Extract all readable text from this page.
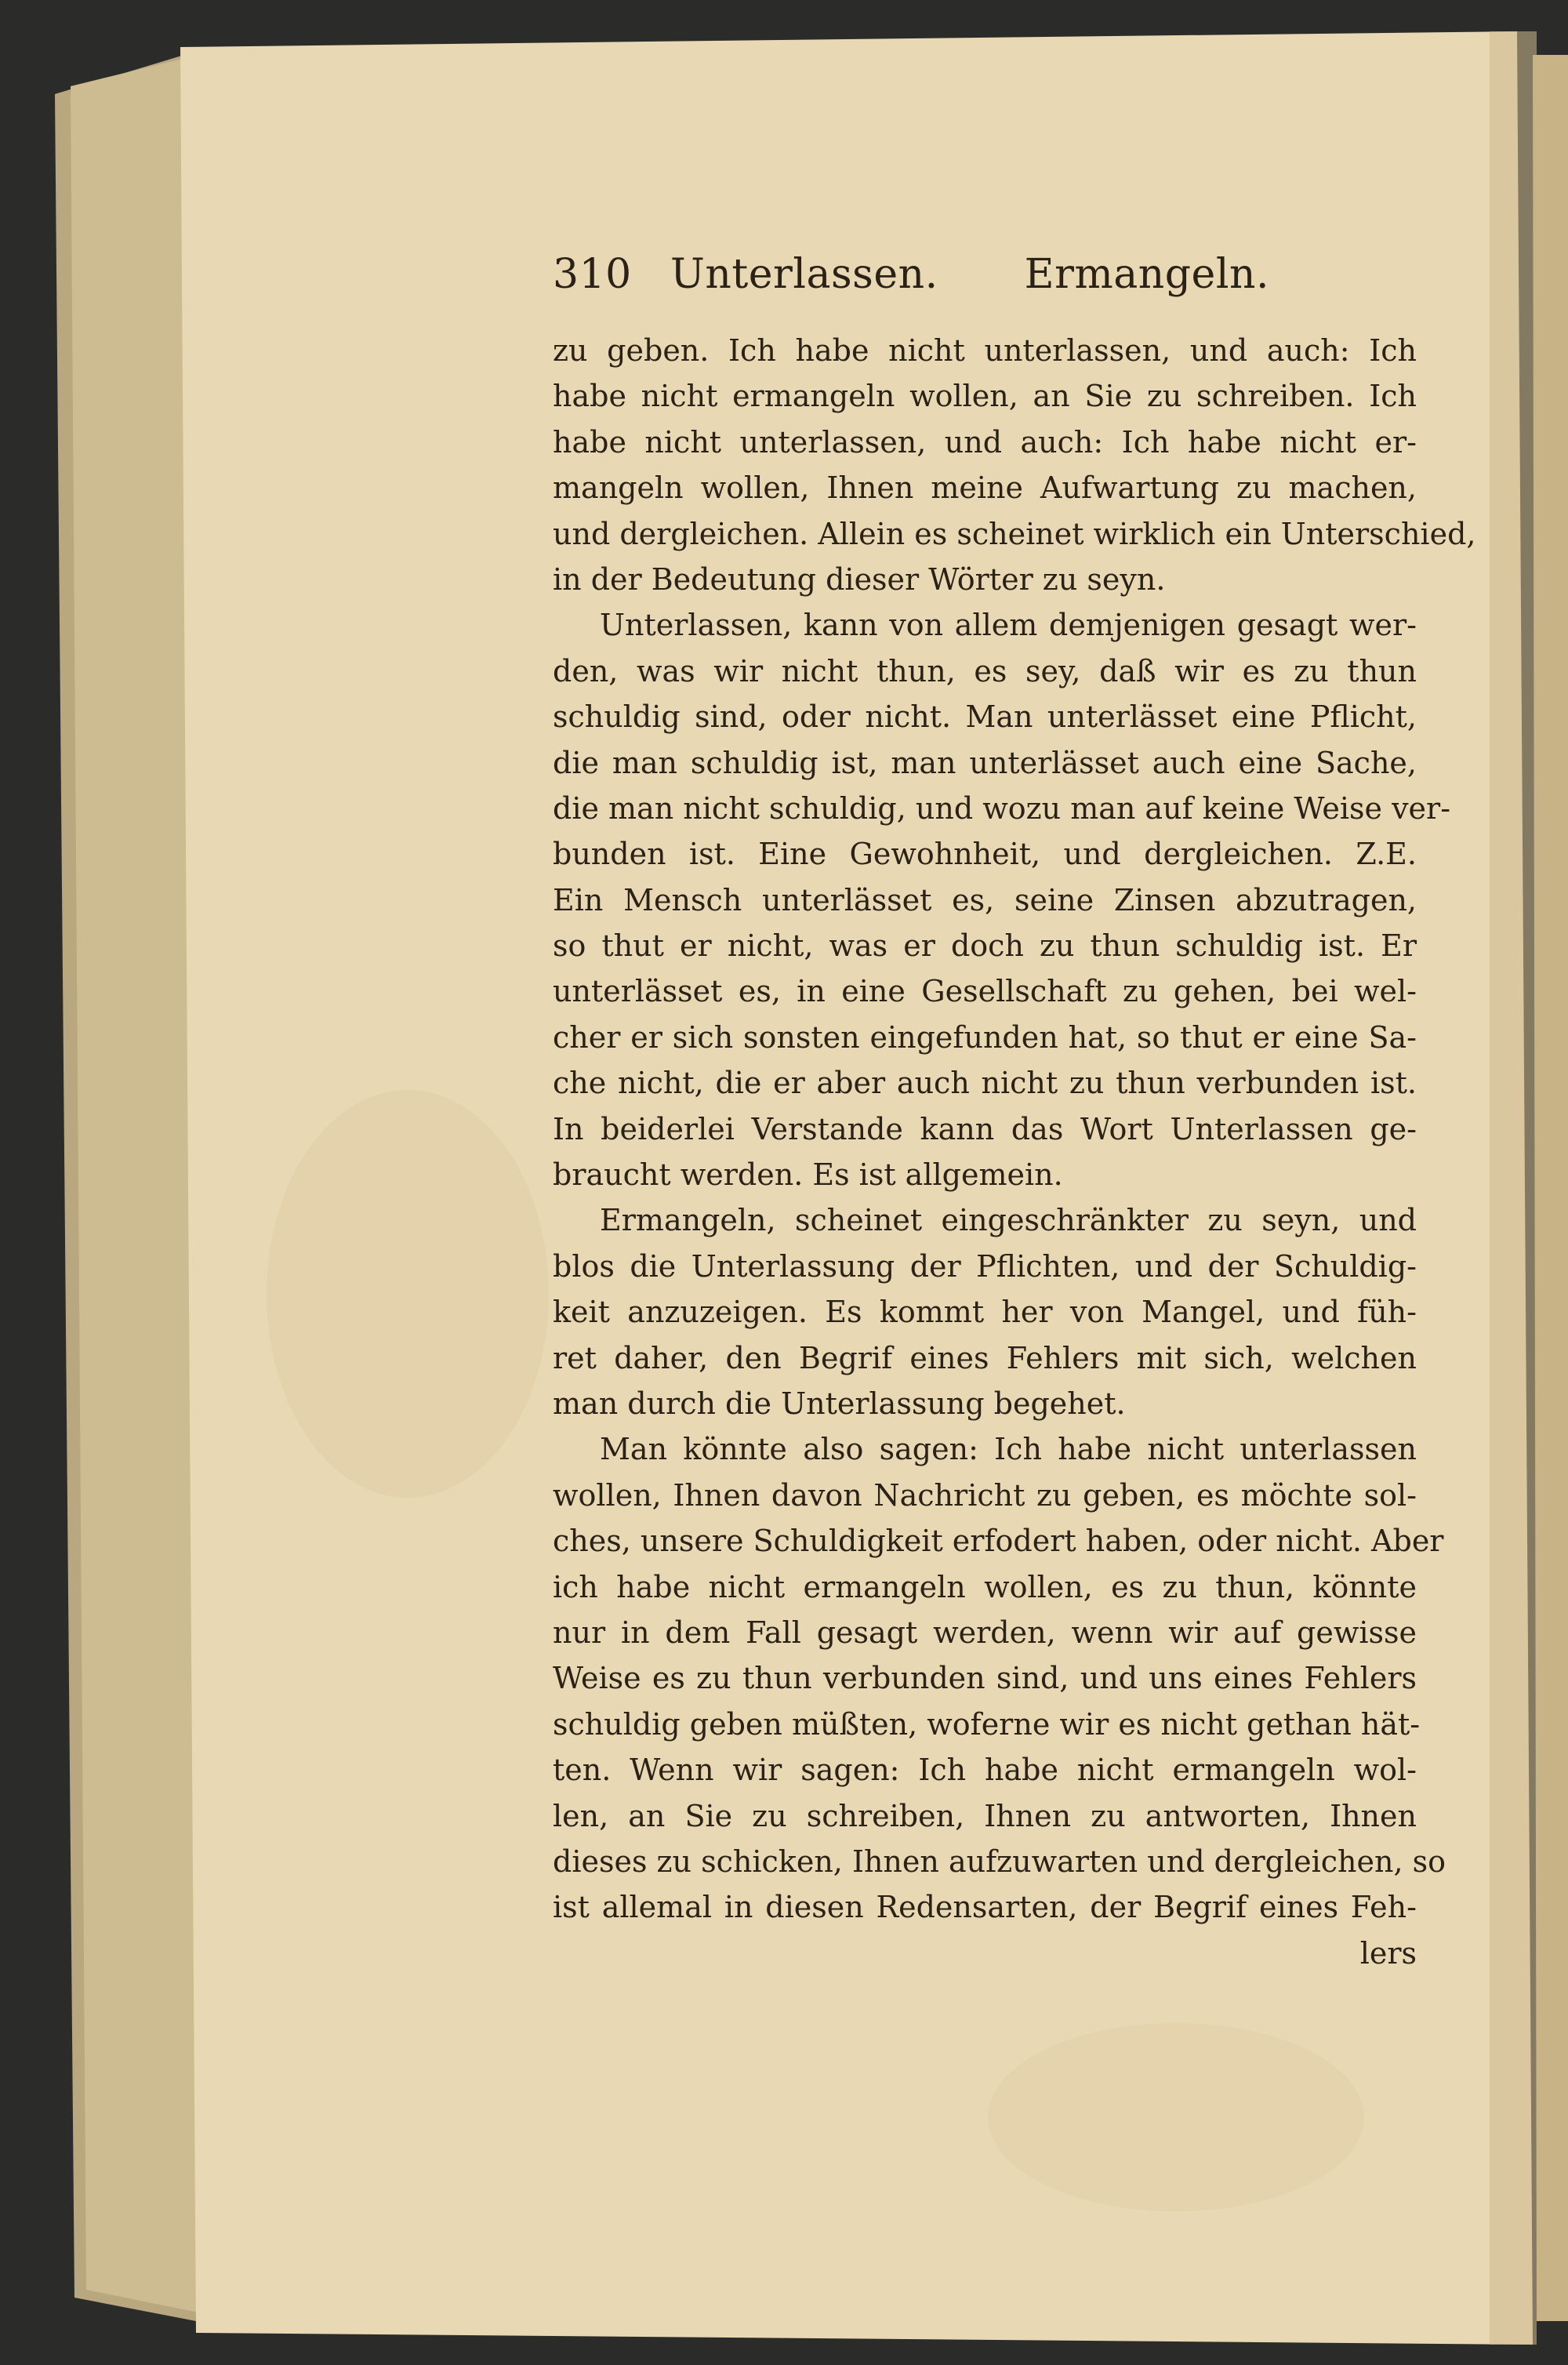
310 Unterlassen. Ermangeln.
zu geben. Ich habe nicht unterlassen, und auch: Ich
habe nicht ermangeln wollen, an Sie zu schreiben. Ich
habe nicht unterlassen, und auch: Ich habe nicht er-
mangeln wollen, Ihnen meine Aufwartung zu machen,
und dergleichen. Allein es scheinet wirklich ein Unterschied,
in der Bedeutung dieser Wörter zu seyn.
Unterlassen, kann von allem demjenigen gesagt wer-
den, was wir nicht thun, es sey, daß wir es zu thun
schuldig sind, oder nicht. Man unterlässet eine Pflicht,
die man schuldig ist, man unterlässet auch eine Sache,
die man nicht schuldig, und wozu man auf keine Weise ver-
bunden ist. Eine Gewohnheit, und dergleichen. Z.E.
Ein Mensch unterlässet es, seine Zinsen abzutragen,
so thut er nicht, was er doch zu thun schuldig ist. Er
unterlässet es, in eine Gesellschaft zu gehen, bei wel-
cher er sich sonsten eingefunden hat, so thut er eine Sa-
che nicht, die er aber auch nicht zu thun verbunden ist.
In beiderlei Verstande kann das Wort Unterlassen ge-
braucht werden. Es ist allgemein.
Ermangeln, scheinet eingeschränkter zu seyn, und
blos die Unterlassung der Pflichten, und der Schuldig-
keit anzuzeigen. Es kommt her von Mangel, und füh-
ret daher, den Begrif eines Fehlers mit sich, welchen
man durch die Unterlassung begehet.
Man könnte also sagen: Ich habe nicht unterlassen
wollen, Ihnen davon Nachricht zu geben, es möchte sol-
ches, unsere Schuldigkeit erfodert haben, oder nicht. Aber
ich habe nicht ermangeln wollen, es zu thun, könnte
nur in dem Fall gesagt werden, wenn wir auf gewisse
Weise es zu thun verbunden sind, und uns eines Fehlers
schuldig geben müßten, woferne wir es nicht gethan hät-
ten. Wenn wir sagen: Ich habe nicht ermangeln wol-
len, an Sie zu schreiben, Ihnen zu antworten, Ihnen
dieses zu schicken, Ihnen aufzuwarten und dergleichen, so
ist allemal in diesen Redensarten, der Begrif eines Feh-
lers
